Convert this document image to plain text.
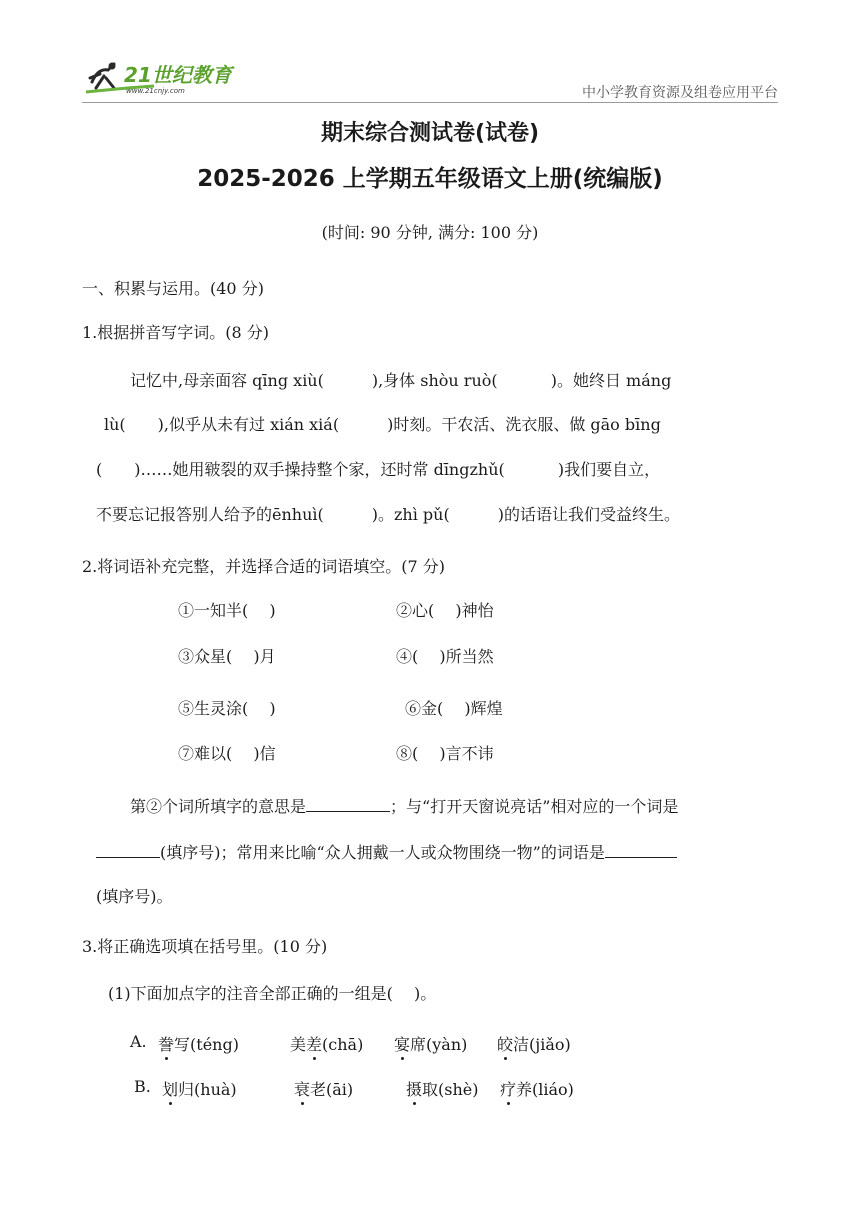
21世纪教育
www.21cnjy.com	中小学教育资源及组卷应用平台
期末综合测试卷(试卷)
2025-2026 上学期五年级语文上册(统编版)
(时间: 90 分钟, 满分: 100 分)
一、积累与运用。(40 分)
1.根据拼音写字词。(8 分)
记忆中,母亲面容 qīng xiù(　　　),身体 shòu ruò(　　　 )。她终日 máng
lù(　　),似乎从未有过 xián xiá(　　　)时刻。干农活、洗衣服、做 gāo bīng
(　　)……她用皲裂的双手操持整个家，还时常 dīngzhǔ(　　　 )我们要自立，
不要忘记报答别人给予的ēnhuì(　　　)。zhì pǔ(　　　)的话语让我们受益终生。
2.将词语补充完整，并选择合适的词语填空。(7 分)
①一知半(　 )	②心(　 )神怡
③众星(　 )月	④(　 )所当然
⑤生灵涂(　 )	⑥金(　 )辉煌
⑦难以(　 )信	⑧(　 )言不讳
第②个词所填字的意思是	；与“打开天窗说亮话”相对应的一个词是
(填序号)；常用来比喻“众人拥戴一人或众物围绕一物”的词语是
(填序号)。
3.将正确选项填在括号里。(10 分)
(1)下面加点字的注音全部正确的一组是(　 )。
A. 誊写(téng)	美差(chā) 宴席(yàn) 皎洁(jiǎo)
B. 划归(huà)	衰老(āi)	摄取(shè) 疗养(liáo)
